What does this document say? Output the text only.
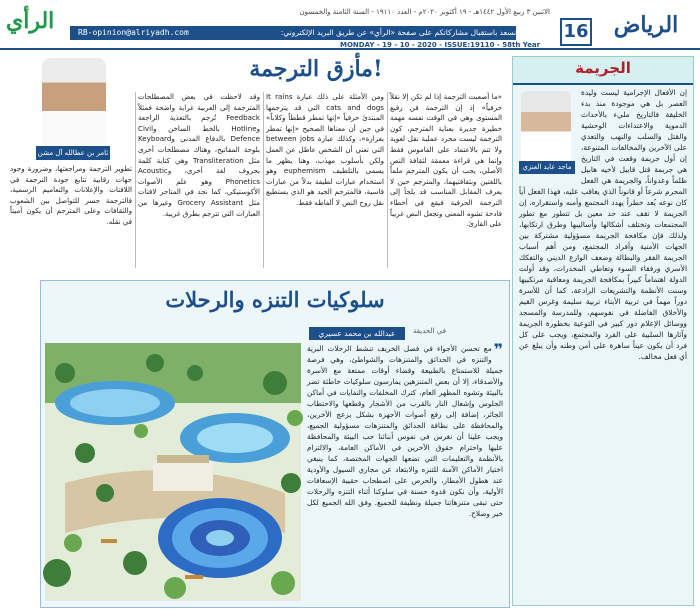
الرأي	نسعد باستقبال مشاركاتكم على صفحة «الرأي» عن طريق البريد الإلكتروني:
RB-opinion@alriyadh.com
الاثنين ٣ ربيع الأول ١٤٤٢هـ - ١٩ أكتوبر ٢٠٢٠م - العدد ١٩١١٠ - السنة الثامنة والخمسون
MONDAY - 19 - 10 - 2020 - ISSUE:19110 - 58th Year
16	الرياض
«ما أصعبت الترجمة إذا لم تكن إلا نقلاً حرفياً» إذ إن الترجمة فن رفيع المستوى وهي في الوقت نفسه مهمة خطيرة جديرة بعناية المترجم، كون الترجمة ليست مجرد عملية نقل لغوية ولا تتم بالاعتماد على القاموس فقط وإنما هي قراءة معمقة لثقافة النص الأصلي، يجب أن يكون المترجم ملماً باللغتين وبثقافتيهما، والمترجم حين لا يعرف المقابل المناسب قد يلجأ إلى الترجمة الحرفية فيقع في أخطاء فادحة تشوه المعنى وتجعل النص غريباً على القارئ.
ومن الأمثلة على ذلك عبارة It rains cats and dogs التي قد يترجمها المبتدئ حرفياً «إنها تمطر قططاً وكلاباً» في حين أن معناها الصحيح «إنها تمطر بغزارة»، وكذلك عبارة between jobs التي تعني أن الشخص عاطل عن العمل ولكن بأسلوب مهذب، وهنا يظهر ما يسمى بالتلطيف euphemism وهو استخدام عبارات لطيفة بدلاً من عبارات قاسية، فالمترجم الجيد هو الذي يستطيع نقل روح النص لا ألفاظه فقط.
وقد لاحظت في بعض المصطلحات المترجمة إلى العربية غرابة واضحة فمثلاً Feedback تُرجم بالتغذية الراجعة وHotline بالخط الساخن وCivil Defence بالدفاع المدني وKeyboard بلوحة المفاتيح، وهناك مصطلحات أخرى مثل Transliteration وهي كتابة كلمة بحروف لغة أخرى، وAcoustic Phonetics وهو علم الأصوات الأكوستيكي، كما نجد في المتاجر لافتات مثل Grocery Assistant وغيرها من العبارات التي تترجم بطرق غريبة.
تطوير الترجمة ومراجعتها، وضرورة وجود جهات رقابية تتابع جودة الترجمة في اللافتات والإعلانات والتعاميم الرسمية، فالترجمة جسر للتواصل بين الشعوب والثقافات وعلى المترجم أن يكون أميناً في نقله.
مأزق الترجمة!
ثامر بن عطالله آل مشن
الجريمة
إن الأفعال الإجرامية ليست وليدة العصر بل هي موجودة منذ بدء الخليقة فالتاريخ مليء بالأحداث الدموية والاعتداءات الوحشية والقتل والسلب والنهب والتعدي على الآخرين والمخالفات المتنوعة، إن أول جريمة وقعت في التاريخ هي جريمة قتل قابيل لأخيه هابيل ظلماً وعدواناً، والجريمة هي الفعل المحرم شرعاً أو قانوناً الذي يعاقب عليه، فهذا الفعل أياً كان نوعه يُعد خطراً يهدد المجتمع وأمنه واستقراره، إن الجريمة لا تقف عند حد معين بل تتطور مع تطور المجتمعات وتختلف أشكالها وأساليبها وطرق ارتكابها، ولذلك فإن مكافحة الجريمة مسؤولية مشتركة بين الجهات الأمنية وأفراد المجتمع، ومن أهم أسباب الجريمة الفقر والبطالة وضعف الوازع الديني والتفكك الأسري ورفقاء السوء وتعاطي المخدرات، وقد أولت الدولة اهتماماً كبيراً بمكافحة الجريمة ومعاقبة مرتكبيها وسنت الأنظمة والتشريعات الرادعة، كما أن للأسرة دوراً مهماً في تربية الأبناء تربية سليمة وغرس القيم والأخلاق الفاضلة في نفوسهم، وللمدرسة والمسجد ووسائل الإعلام دور كبير في التوعية بخطورة الجريمة وآثارها السلبية على الفرد والمجتمع، ويجب على كل فرد أن يكون عيناً ساهرة على أمن وطنه وأن يبلغ عن أي فعل مخالف.
ماجد عايد العنزي
سلوكيات التنزه والرحلات
في الحديقة
عبدالله بن محمد عسيري
❞
مع تحسن الأجواء في فصل الخريف تنشط الرحلات البرية والتنزه في الحدائق والمتنزهات والشواطئ، وهي فرصة جميلة للاستمتاع بالطبيعة وقضاء أوقات ممتعة مع الأسرة والأصدقاء، إلا أن بعض المتنزهين يمارسون سلوكيات خاطئة تضر بالبيئة وتشوه المظهر العام، كترك المخلفات والنفايات في أماكن الجلوس وإشعال النار بالقرب من الأشجار وقطعها والاحتطاب الجائر، إضافة إلى رفع أصوات الأجهزة بشكل يزعج الآخرين، والمحافظة على نظافة الحدائق والمتنزهات مسؤولية الجميع، ويجب علينا أن نغرس في نفوس أبنائنا حب البيئة والمحافظة عليها واحترام حقوق الآخرين في الأماكن العامة، والالتزام بالأنظمة والتعليمات التي تضعها الجهات المختصة، كما ينبغي اختيار الأماكن الآمنة للتنزه والابتعاد عن مجاري السيول والأودية عند هطول الأمطار، والحرص على اصطحاب حقيبة الإسعافات الأولية، وأن نكون قدوة حسنة في سلوكنا أثناء التنزه والرحلات حتى تبقى متنزهاتنا جميلة ونظيفة للجميع. وفق الله الجميع لكل خير وصلاح.
